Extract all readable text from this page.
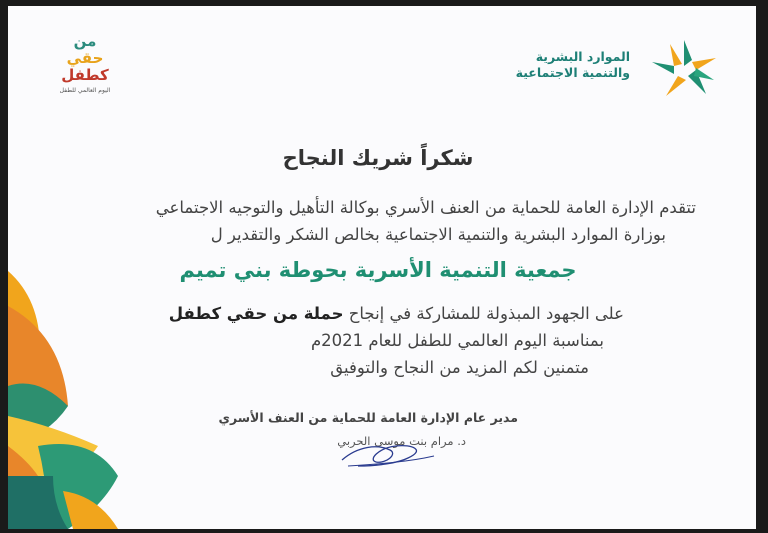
من
حقي
كطفل
اليوم العالمي للطفل
الموارد البشرية
والتنمية الاجتماعية
شكراً شريك النجاح
تتقدم الإدارة العامة للحماية من العنف الأسري بوكالة التأهيل والتوجيه الاجتماعي
بوزارة الموارد البشرية والتنمية الاجتماعية بخالص الشكر والتقدير ل
جمعية التنمية الأسرية بحوطة بني تميم
على الجهود المبذولة للمشاركة في إنجاح حملة من حقي كطفل
بمناسبة اليوم العالمي للطفل للعام 2021م
متمنين لكم المزيد من النجاح والتوفيق
مدير عام الإدارة العامة للحماية من العنف الأسري
د. مرام بنت موسى الحربي
